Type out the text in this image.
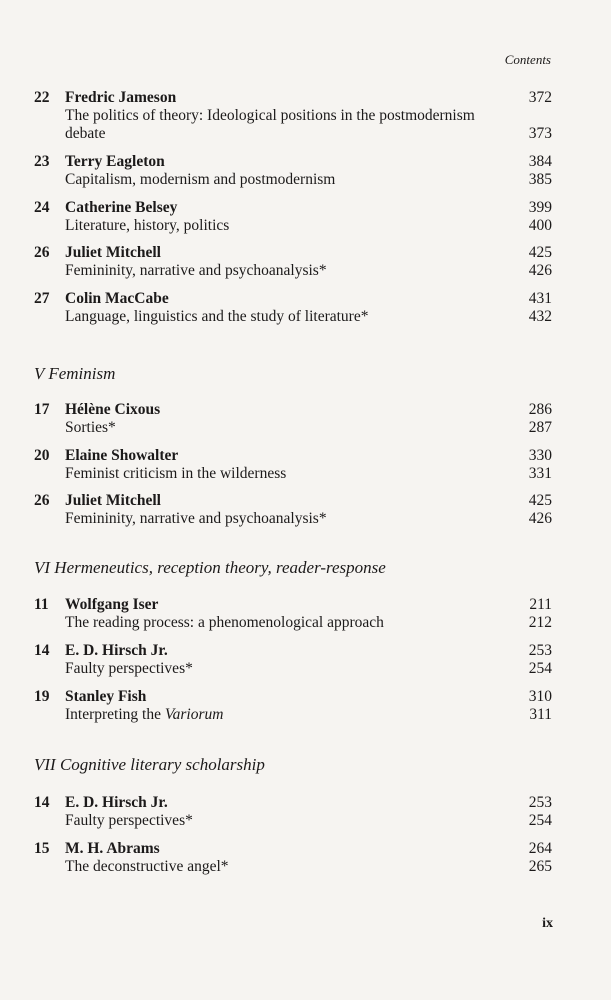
Contents
22	Fredric Jameson	372
The politics of theory: Ideological positions in the postmodernism
debate	373
23	Terry Eagleton	384
Capitalism, modernism and postmodernism	385
24	Catherine Belsey	399
Literature, history, politics	400
26	Juliet Mitchell	425
Femininity, narrative and psychoanalysis*	426
27	Colin MacCabe	431
Language, linguistics and the study of literature*	432
V Feminism
17	Hélène Cixous	286
Sorties*	287
20	Elaine Showalter	330
Feminist criticism in the wilderness	331
26	Juliet Mitchell	425
Femininity, narrative and psychoanalysis*	426
VI Hermeneutics, reception theory, reader-response
11	Wolfgang Iser	211
The reading process: a phenomenological approach	212
14	E. D. Hirsch Jr.	253
Faulty perspectives*	254
19	Stanley Fish	310
Interpreting the Variorum	311
VII Cognitive literary scholarship
14	E. D. Hirsch Jr.	253
Faulty perspectives*	254
15	M. H. Abrams	264
The deconstructive angel*	265
ix
